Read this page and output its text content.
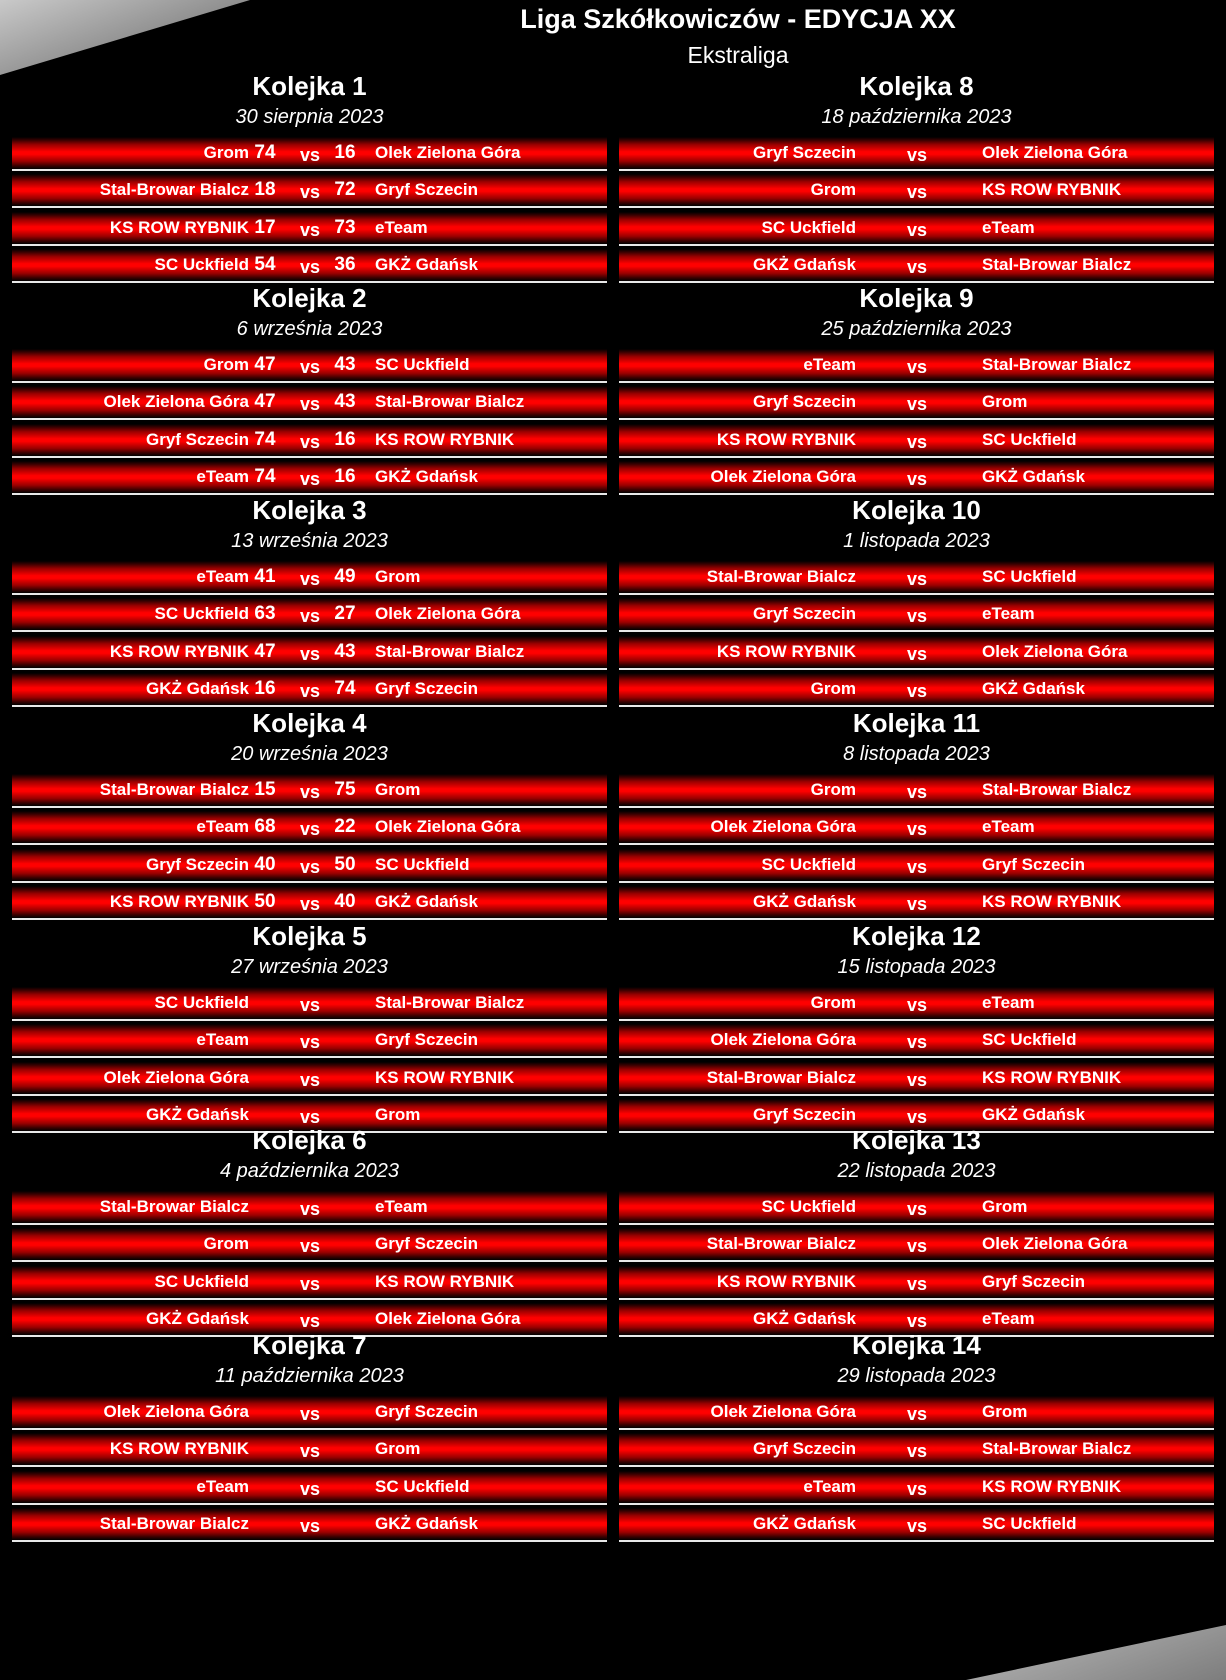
Liga Szkółkowiczów - EDYCJA XX
Ekstraliga
Kolejka 1
30 sierpnia 2023
Grom 74 vs 16 Olek Zielona Góra
Stal-Browar Bialcz 18 vs 72 Gryf Sczecin
KS ROW RYBNIK 17 vs 73 eTeam
SC Uckfield 54 vs 36 GKŻ Gdańsk
Kolejka 2
6 września 2023
Grom 47 vs 43 SC Uckfield
Olek Zielona Góra 47 vs 43 Stal-Browar Bialcz
Gryf Sczecin 74 vs 16 KS ROW RYBNIK
eTeam 74 vs 16 GKŻ Gdańsk
Kolejka 3
13 września 2023
eTeam 41 vs 49 Grom
SC Uckfield 63 vs 27 Olek Zielona Góra
KS ROW RYBNIK 47 vs 43 Stal-Browar Bialcz
GKŻ Gdańsk 16 vs 74 Gryf Sczecin
Kolejka 4
20 września 2023
Stal-Browar Bialcz 15 vs 75 Grom
eTeam 68 vs 22 Olek Zielona Góra
Gryf Sczecin 40 vs 50 SC Uckfield
KS ROW RYBNIK 50 vs 40 GKŻ Gdańsk
Kolejka 5
27 września 2023
SC Uckfield	vs	Stal-Browar Bialcz
eTeam	vs	Gryf Sczecin
Olek Zielona Góra	vs	KS ROW RYBNIK
GKŻ Gdańsk	vs	Grom
Kolejka 6
4 października 2023
Stal-Browar Bialcz	vs	eTeam
Grom	vs	Gryf Sczecin
SC Uckfield	vs	KS ROW RYBNIK
GKŻ Gdańsk	vs	Olek Zielona Góra
Kolejka 7
11 października 2023
Olek Zielona Góra	vs	Gryf Sczecin
KS ROW RYBNIK	vs	Grom
eTeam	vs	SC Uckfield
Stal-Browar Bialcz	vs	GKŻ Gdańsk
Kolejka 8
18 października 2023
Gryf Sczecin	vs	Olek Zielona Góra
Grom	vs	KS ROW RYBNIK
SC Uckfield	vs	eTeam
GKŻ Gdańsk	vs	Stal-Browar Bialcz
Kolejka 9
25 października 2023
eTeam	vs	Stal-Browar Bialcz
Gryf Sczecin	vs	Grom
KS ROW RYBNIK	vs	SC Uckfield
Olek Zielona Góra	vs	GKŻ Gdańsk
Kolejka 10
1 listopada 2023
Stal-Browar Bialcz	vs	SC Uckfield
Gryf Sczecin	vs	eTeam
KS ROW RYBNIK	vs	Olek Zielona Góra
Grom	vs	GKŻ Gdańsk
Kolejka 11
8 listopada 2023
Grom	vs	Stal-Browar Bialcz
Olek Zielona Góra	vs	eTeam
SC Uckfield	vs	Gryf Sczecin
GKŻ Gdańsk	vs	KS ROW RYBNIK
Kolejka 12
15 listopada 2023
Grom	vs	eTeam
Olek Zielona Góra	vs	SC Uckfield
Stal-Browar Bialcz	vs	KS ROW RYBNIK
Gryf Sczecin	vs	GKŻ Gdańsk
Kolejka 13
22 listopada 2023
SC Uckfield	vs	Grom
Stal-Browar Bialcz	vs	Olek Zielona Góra
KS ROW RYBNIK	vs	Gryf Sczecin
GKŻ Gdańsk	vs	eTeam
Kolejka 14
29 listopada 2023
Olek Zielona Góra	vs	Grom
Gryf Sczecin	vs	Stal-Browar Bialcz
eTeam	vs	KS ROW RYBNIK
GKŻ Gdańsk	vs	SC Uckfield
